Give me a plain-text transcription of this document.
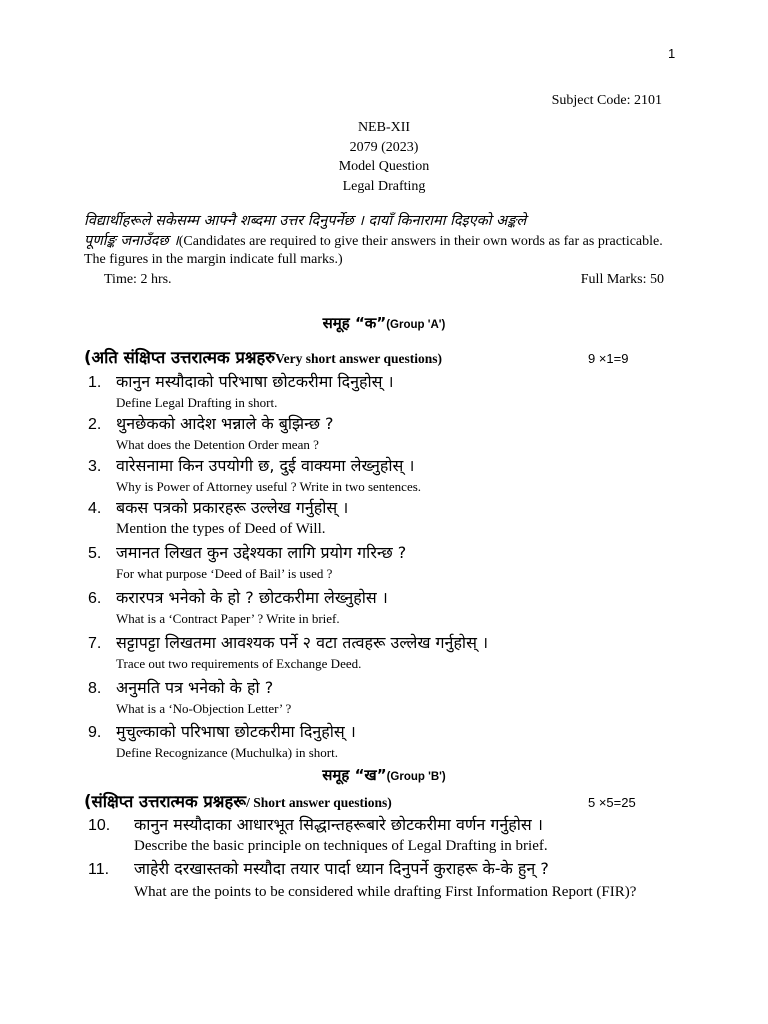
1
Subject Code: 2101
NEB-XII
2079 (2023)
Model Question
Legal Drafting
विद्यार्थीहरूले सकेसम्म आफ्नै शब्दमा उत्तर दिनुपर्नेछ । दायाँ किनारामा दिइएको अङ्कले
पूर्णाङ्क जनाउँदछ ।(Candidates are required to give their answers in their own words as far as practicable. The figures in the margin indicate full marks.)
Time: 2 hrs.	Full Marks: 50
समूह “क”(Group 'A')
(अति संक्षिप्त उत्तरात्मक प्रश्नहरुVery short answer questions)	9 ×1=9
1. कानुन मस्यौदाको परिभाषा छोटकरीमा दिनुहोस् ।
Define Legal Drafting in short.
2. थुनछेकको आदेश भन्नाले के बुझिन्छ ?
What does the Detention Order mean ?
3. वारेसनामा किन उपयोगी छ, दुई वाक्यमा लेख्नुहोस् ।
Why is Power of Attorney useful ? Write in two sentences.
4. बकस पत्रको प्रकारहरू उल्लेख गर्नुहोस् ।
Mention the types of Deed of Will.
5. जमानत लिखत कुन उद्देश्यका लागि प्रयोग गरिन्छ ?
For what purpose ‘Deed of Bail’ is used ?
6. करारपत्र भनेको के हो ? छोटकरीमा लेख्नुहोस ।
What is a ‘Contract Paper’ ? Write in brief.
7. सट्टापट्टा लिखतमा आवश्यक पर्ने २ वटा तत्वहरू उल्लेख गर्नुहोस् ।
Trace out two requirements of Exchange Deed.
8. अनुमति पत्र भनेको के हो ?
What is a ‘No-Objection Letter’ ?
9. मुचुल्काको परिभाषा छोटकरीमा दिनुहोस् ।
Define Recognizance (Muchulka) in short.
समूह “ख”(Group 'B')
(संक्षिप्त उत्तरात्मक प्रश्नहरू/ Short answer questions)	5 ×5=25
10.	कानुन मस्यौदाका आधारभूत सिद्धान्तहरूबारे छोटकरीमा वर्णन गर्नुहोस ।
Describe the basic principle on techniques of Legal Drafting in brief.
11.	जाहेरी दरखास्तको मस्यौदा तयार पार्दा ध्यान दिनुपर्ने कुराहरू के-के हुन् ?
What are the points to be considered while drafting First Information Report (FIR)?
